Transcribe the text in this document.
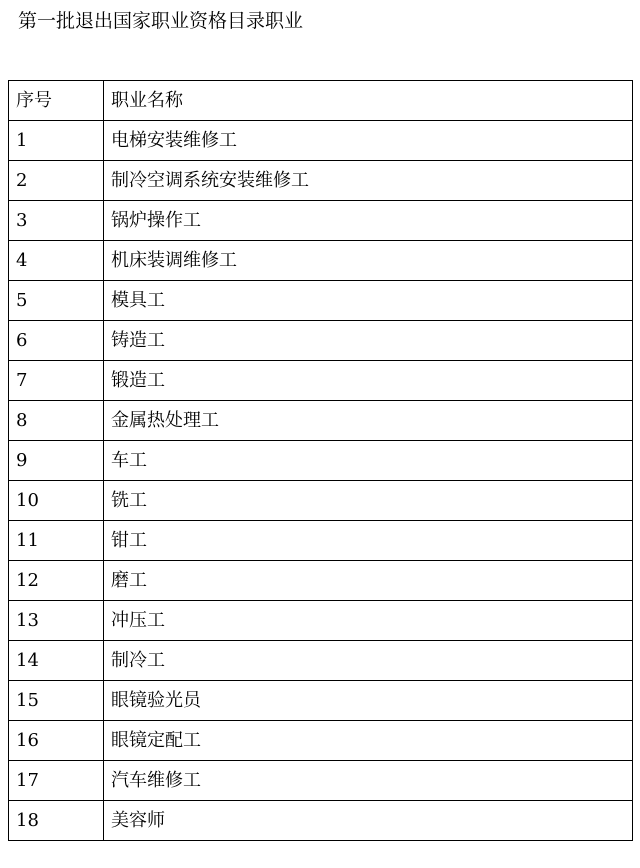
第一批退出国家职业资格目录职业
序号	职业名称
1	电梯安装维修工
2	制冷空调系统安装维修工
3	锅炉操作工
4	机床装调维修工
5	模具工
6	铸造工
7	锻造工
8	金属热处理工
9	车工
10	铣工
11	钳工
12	磨工
13	冲压工
14	制冷工
15	眼镜验光员
16	眼镜定配工
17	汽车维修工
18	美容师
